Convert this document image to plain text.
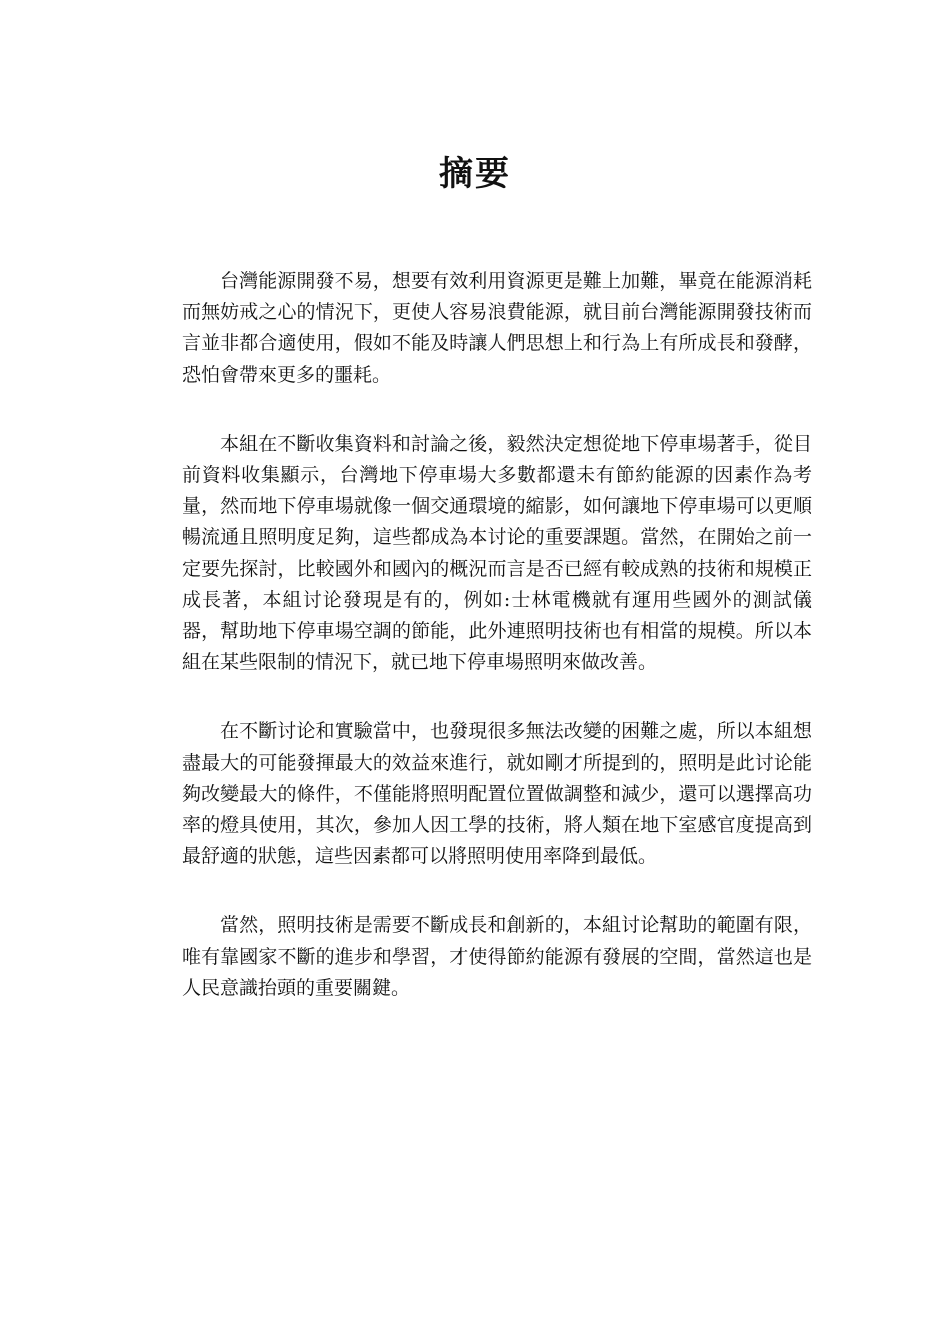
摘要

台灣能源開發不易，想要有效利用資源更是難上加難，畢竟在能源消耗而無妨戒之心的情況下，更使人容易浪費能源，就目前台灣能源開發技術而言並非都合適使用，假如不能及時讓人們思想上和行為上有所成長和發酵，恐怕會帶來更多的噩耗。

本組在不斷收集資料和討論之後，毅然決定想從地下停車場著手，從目前資料收集顯示，台灣地下停車場大多數都還未有節約能源的因素作為考量，然而地下停車場就像一個交通環境的縮影，如何讓地下停車場可以更順暢流通且照明度足夠，這些都成為本讨论的重要課題。當然，在開始之前一定要先探討，比較國外和國內的概況而言是否已經有較成熟的技術和規模正成長著，本組讨论發現是有的，例如:士林電機就有運用些國外的測試儀器，幫助地下停車場空調的節能，此外連照明技術也有相當的規模。所以本組在某些限制的情況下，就已地下停車場照明來做改善。

在不斷讨论和實驗當中，也發現很多無法改變的困難之處，所以本組想盡最大的可能發揮最大的效益來進行，就如剛才所提到的，照明是此讨论能夠改變最大的條件，不僅能將照明配置位置做調整和減少，還可以選擇高功率的燈具使用，其次，參加人因工學的技術，將人類在地下室感官度提高到最舒適的狀態，這些因素都可以將照明使用率降到最低。

當然，照明技術是需要不斷成長和創新的，本組讨论幫助的範圍有限，唯有靠國家不斷的進步和學習，才使得節約能源有發展的空間，當然這也是人民意識抬頭的重要關鍵。
